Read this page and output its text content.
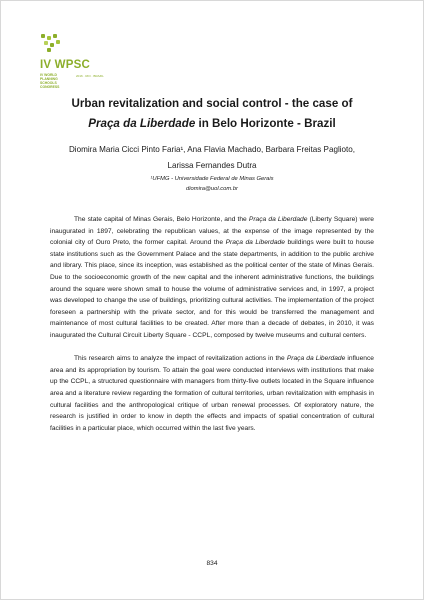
IV WPSC
IV WORLD PLANNING SCHOOLS CONGRESS
2016 · RIO · BRAZIL
Urban revitalization and social control - the case of Praça da Liberdade in Belo Horizonte - Brazil
Diomira Maria Cicci Pinto Faria¹, Ana Flavia Machado, Barbara Freitas Paglioto,
Larissa Fernandes Dutra
¹UFMG - Universidade Federal de Minas Gerais
diomira@uol.com.br

The state capital of Minas Gerais, Belo Horizonte, and the Praça da Liberdade (Liberty Square) were inaugurated in 1897, celebrating the republican values, at the expense of the image represented by the colonial city of Ouro Preto, the former capital. Around the Praça da Liberdade buildings were built to house state institutions such as the Government Palace and the state departments, in addition to the public archive and library. This place, since its inception, was established as the political center of the state of Minas Gerais. Due to the socioeconomic growth of the new capital and the inherent administrative functions, the buildings around the square were shown small to house the volume of administrative services and, in 1997, a project was developed to change the use of buildings, prioritizing cultural activities. The implementation of the project foreseen a partnership with the private sector, and for this would be transferred the management and maintenance of most cultural facilities to be created. After more than a decade of debates, in 2010, it was inaugurated the Cultural Circuit Liberty Square - CCPL, composed by twelve museums and cultural centers.

This research aims to analyze the impact of revitalization actions in the Praça da Liberdade influence area and its appropriation by tourism. To attain the goal were conducted interviews with institutions that make up the CCPL, a structured questionnaire with managers from thirty-five outlets located in the Square influence area and a literature review regarding the formation of cultural territories, urban revitalization with emphasis in cultural facilities and the anthropological critique of urban renewal processes. Of exploratory nature, the research is justified in order to know in depth the effects and impacts of spatial concentration of cultural facilities in a particular place, which occurred within the last five years.

834
